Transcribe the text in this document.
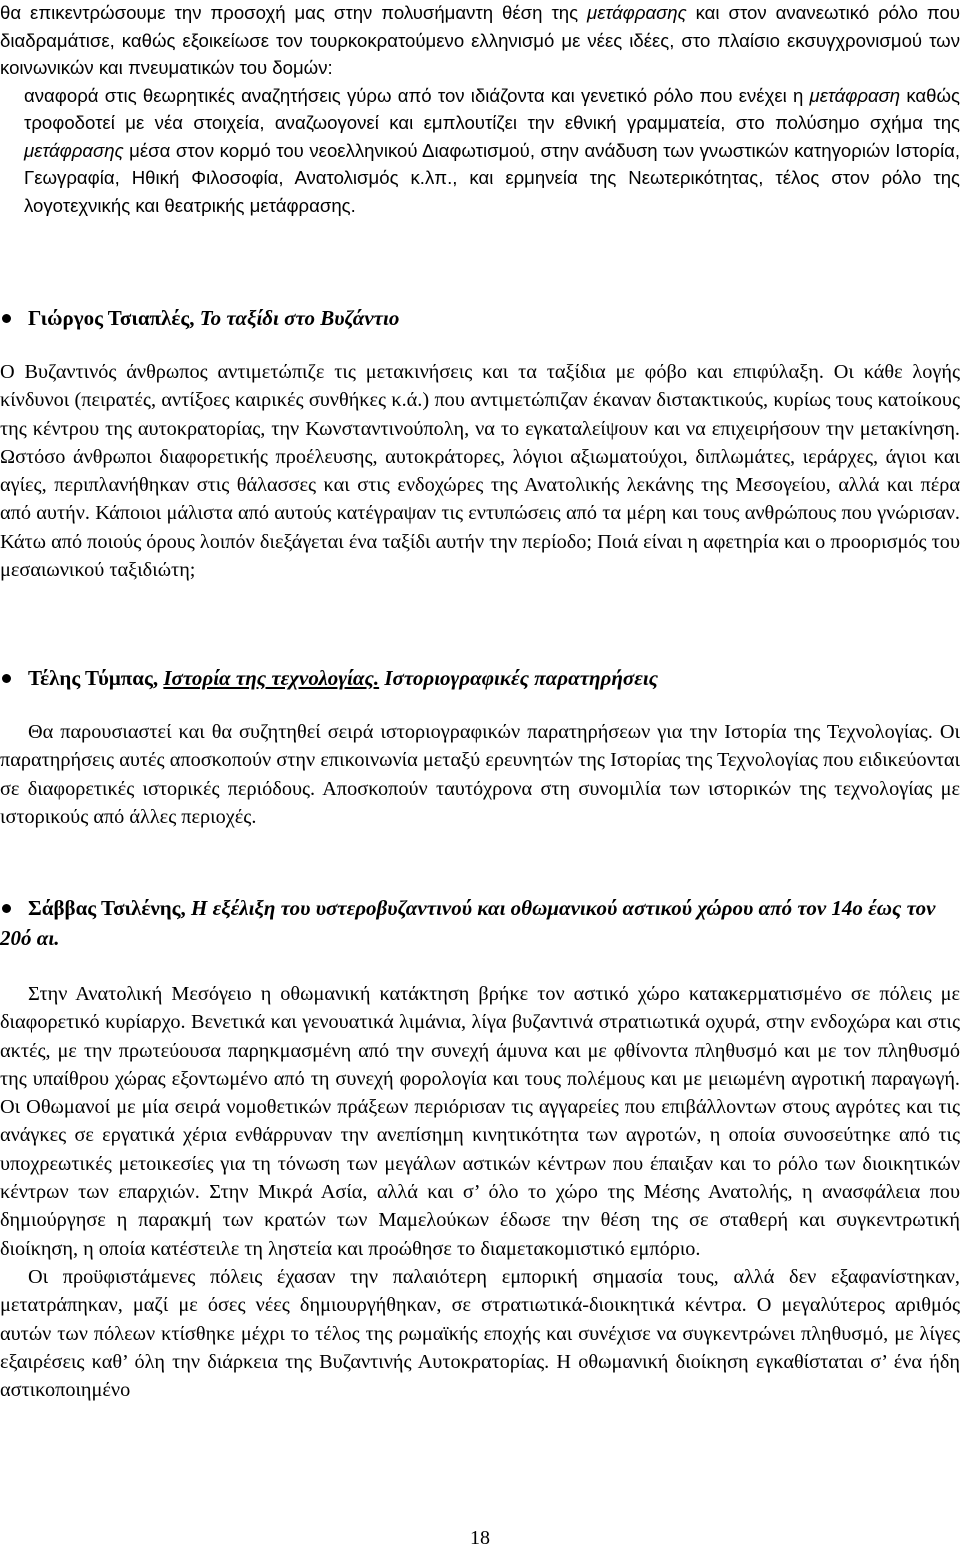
θα επικεντρώσουμε την προσοχή μας στην πολυσήμαντη θέση της μετάφρασης και στον ανανεωτικό ρόλο που διαδραμάτισε, καθώς εξοικείωσε τον τουρκοκρατούμενο ελληνισμό με νέες ιδέες, στο πλαίσιο εκσυγχρονισμού των κοινωνικών και πνευματικών του δομών:

αναφορά στις θεωρητικές αναζητήσεις γύρω από τον ιδιάζοντα και γενετικό ρόλο που ενέχει η μετάφραση καθώς τροφοδοτεί με νέα στοιχεία, αναζωογονεί και εμπλουτίζει την εθνική γραμματεία, στο πολύσημο σχήμα της μετάφρασης μέσα στον κορμό του νεοελληνικού Διαφωτισμού, στην ανάδυση των γνωστικών κατηγοριών Ιστορία, Γεωγραφία, Ηθική Φιλοσοφία, Ανατολισμός κ.λπ., και ερμηνεία της Νεωτερικότητας, τέλος στον ρόλο της λογοτεχνικής και θεατρικής μετάφρασης.

Γιώργος Τσιαπλές, Το ταξίδι στο Βυζάντιο

Ο Βυζαντινός άνθρωπος αντιμετώπιζε τις μετακινήσεις και τα ταξίδια με φόβο και επιφύλαξη. Οι κάθε λογής κίνδυνοι (πειρατές, αντίξοες καιρικές συνθήκες κ.ά.) που αντιμετώπιζαν έκαναν διστακτικούς, κυρίως τους κατοίκους της κέντρου της αυτοκρατορίας, την Κωνσταντινούπολη, να το εγκαταλείψουν και να επιχειρήσουν την μετακίνηση. Ωστόσο άνθρωποι διαφορετικής προέλευσης, αυτοκράτορες, λόγιοι αξιωματούχοι, διπλωμάτες, ιεράρχες, άγιοι και αγίες, περιπλανήθηκαν στις θάλασσες και στις ενδοχώρες της Ανατολικής λεκάνης της Μεσογείου, αλλά και πέρα από αυτήν. Κάποιοι μάλιστα από αυτούς κατέγραψαν τις εντυπώσεις από τα μέρη και τους ανθρώπους που γνώρισαν. Κάτω από ποιούς όρους λοιπόν διεξάγεται ένα ταξίδι αυτήν την περίοδο; Ποιά είναι η αφετηρία και ο προορισμός του μεσαιωνικού ταξιδιώτη;

Τέλης Τύμπας, Ιστορία της τεχνολογίας. Ιστοριογραφικές παρατηρήσεις

Θα παρουσιαστεί και θα συζητηθεί σειρά ιστοριογραφικών παρατηρήσεων για την Ιστορία της Τεχνολογίας. Οι παρατηρήσεις αυτές αποσκοπούν στην επικοινωνία μεταξύ ερευνητών της Ιστορίας της Τεχνολογίας που ειδικεύονται σε διαφορετικές ιστορικές περιόδους. Αποσκοπούν ταυτόχρονα στη συνομιλία των ιστορικών της τεχνολογίας με ιστορικούς από άλλες περιοχές.

Σάββας Τσιλένης, Η εξέλιξη του υστεροβυζαντινού και οθωμανικού αστικού χώρου από τον 14ο έως τον 20ό αι.

Στην Ανατολική Μεσόγειο η οθωμανική κατάκτηση βρήκε τον αστικό χώρο κατακερματισμένο σε πόλεις με διαφορετικό κυρίαρχο. Βενετικά και γενουατικά λιμάνια, λίγα βυζαντινά στρατιωτικά οχυρά, στην ενδοχώρα και στις ακτές, με την πρωτεύουσα παρηκμασμένη από την συνεχή άμυνα και με φθίνοντα πληθυσμό και με τον πληθυσμό της υπαίθρου χώρας εξοντωμένο από τη συνεχή φορολογία και τους πολέμους και με μειωμένη αγροτική παραγωγή. Οι Οθωμανοί με μία σειρά νομοθετικών πράξεων περιόρισαν τις αγγαρείες που επιβάλλοντων στους αγρότες και τις ανάγκες σε εργατικά χέρια ενθάρρυναν την ανεπίσημη κινητικότητα των αγροτών, η οποία συνοσεύτηκε από τις υποχρεωτικές μετοικεσίες για τη τόνωση των μεγάλων αστικών κέντρων που έπαιξαν και το ρόλο των διοικητικών κέντρων των επαρχιών. Στην Μικρά Ασία, αλλά και σ’ όλο το χώρο της Μέσης Ανατολής, η ανασφάλεια που δημιούργησε η παρακμή των κρατών των Μαμελούκων έδωσε την θέση της σε σταθερή και συγκεντρωτική διοίκηση, η οποία κατέστειλε τη ληστεία και προώθησε το διαμετακομιστικό εμπόριο.

Οι προϋφιστάμενες πόλεις έχασαν την παλαιότερη εμπορική σημασία τους, αλλά δεν εξαφανίστηκαν, μετατράπηκαν, μαζί με όσες νέες δημιουργήθηκαν, σε στρατιωτικά-διοικητικά κέντρα. Ο μεγαλύτερος αριθμός αυτών των πόλεων κτίσθηκε μέχρι το τέλος της ρωμαϊκής εποχής και συνέχισε να συγκεντρώνει πληθυσμό, με λίγες εξαιρέσεις καθ’ όλη την διάρκεια της Βυζαντινής Αυτοκρατορίας. Η οθωμανική διοίκηση εγκαθίσταται σ’ ένα ήδη αστικοποιημένο

18
